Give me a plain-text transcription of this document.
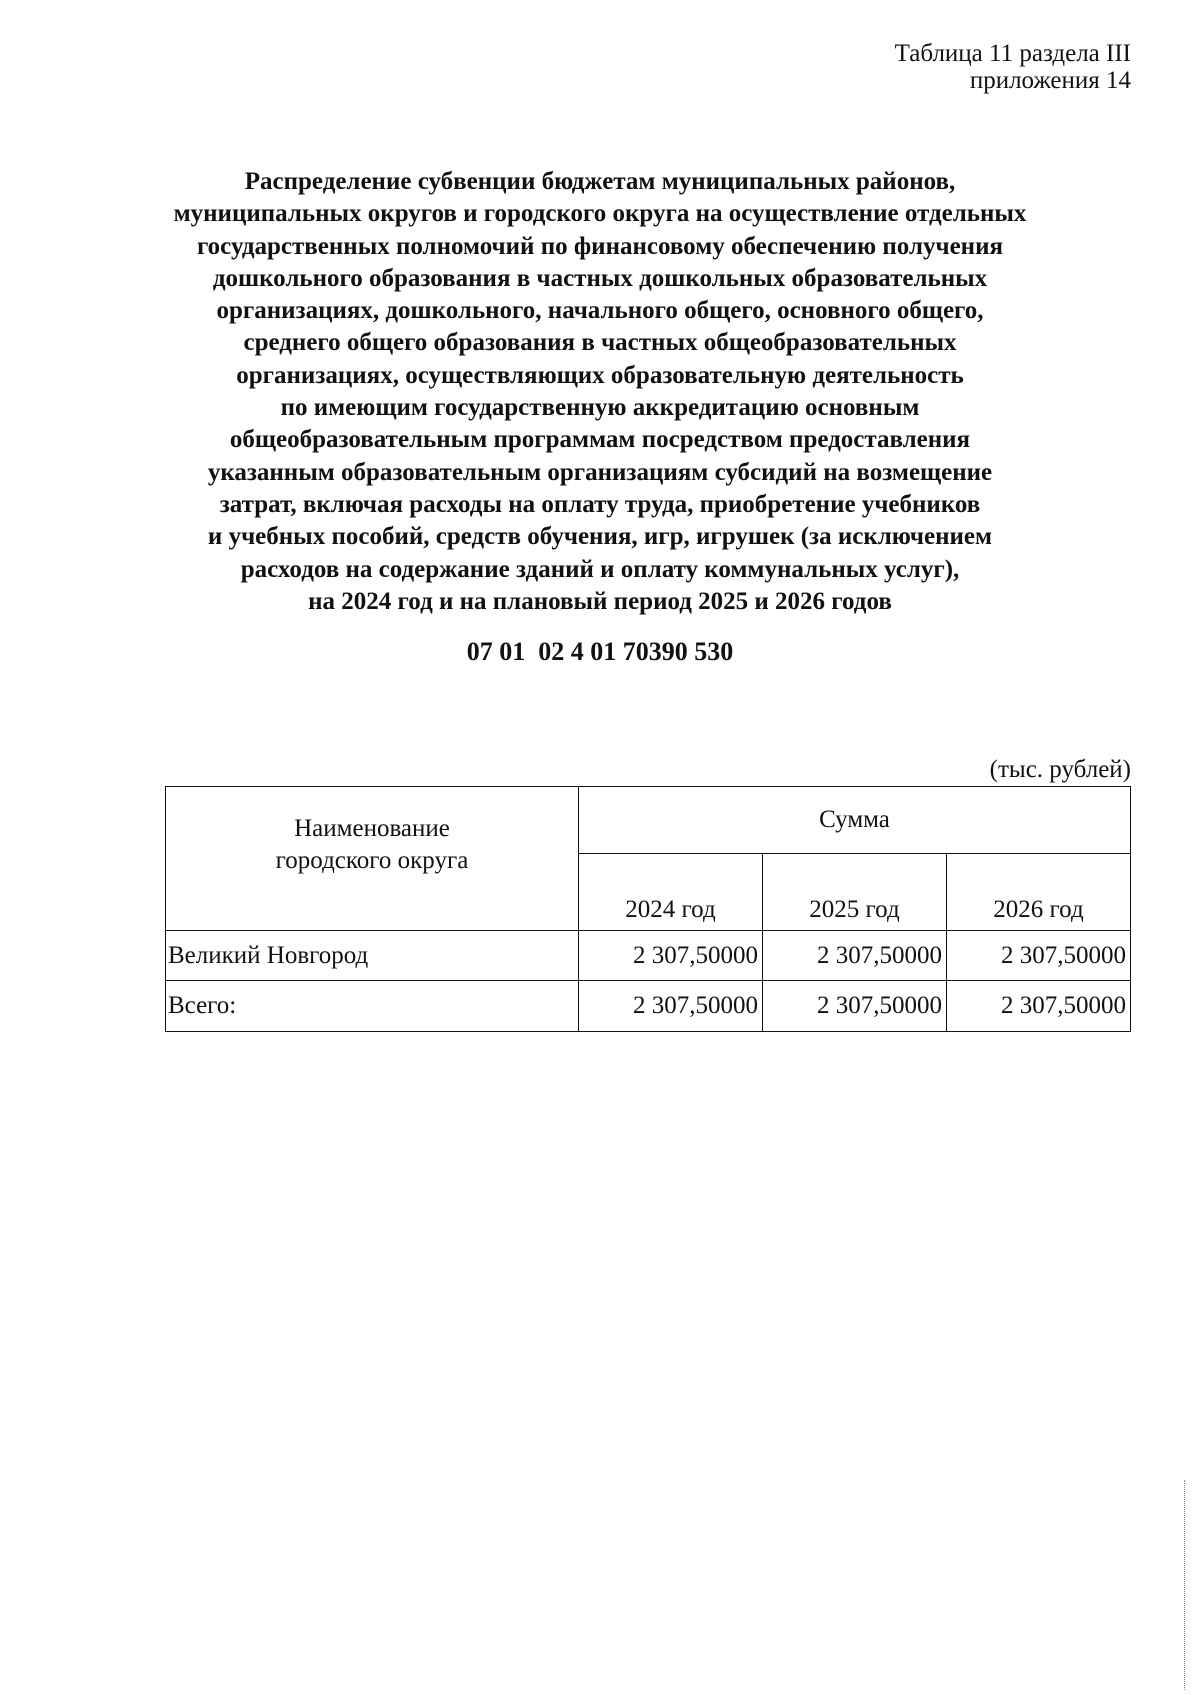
Таблица 11 раздела III
приложения 14
Распределение субвенции бюджетам муниципальных районов,
муниципальных округов и городского округа на осуществление отдельных
государственных полномочий по финансовому обеспечению получения
дошкольного образования в частных дошкольных образовательных
организациях, дошкольного, начального общего, основного общего,
среднего общего образования в частных общеобразовательных
организациях, осуществляющих образовательную деятельность
по имеющим государственную аккредитацию основным
общеобразовательным программам посредством предоставления
указанным образовательным организациям субсидий на возмещение
затрат, включая расходы на оплату труда, приобретение учебников
и учебных пособий, средств обучения, игр, игрушек (за исключением
расходов на содержание зданий и оплату коммунальных услуг),
на 2024 год и на плановый период 2025 и 2026 годов
07 01  02 4 01 70390 530
(тыс. рублей)
Наименование
городского округа	Сумма		
	2024 год	2025 год	2026 год
Великий Новгород	2 307,50000	2 307,50000	2 307,50000
Всего:	2 307,50000	2 307,50000	2 307,50000
